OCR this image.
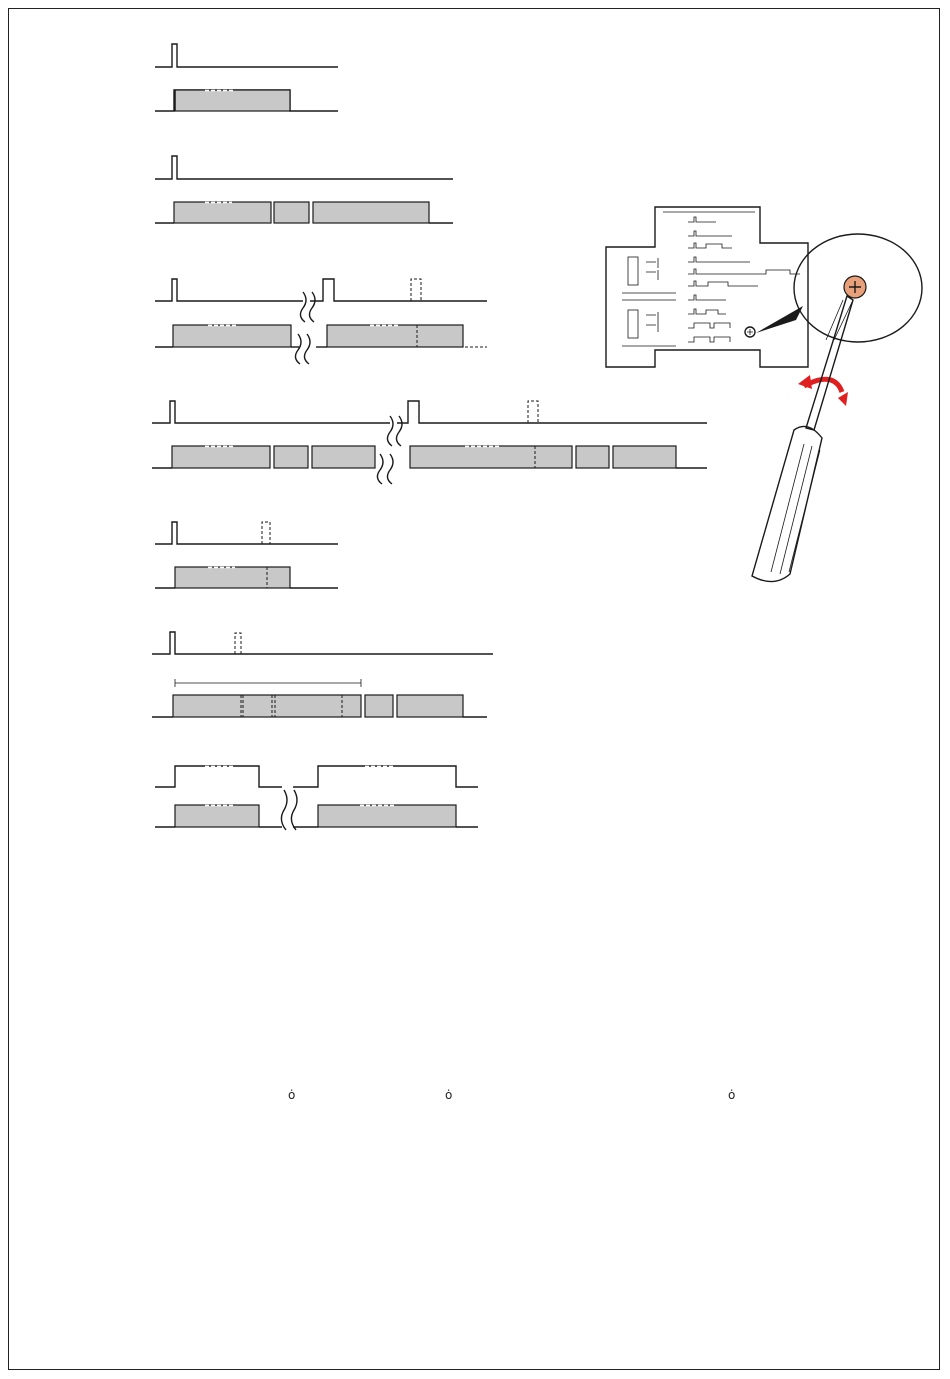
ȯ	ȯ	ȯ
